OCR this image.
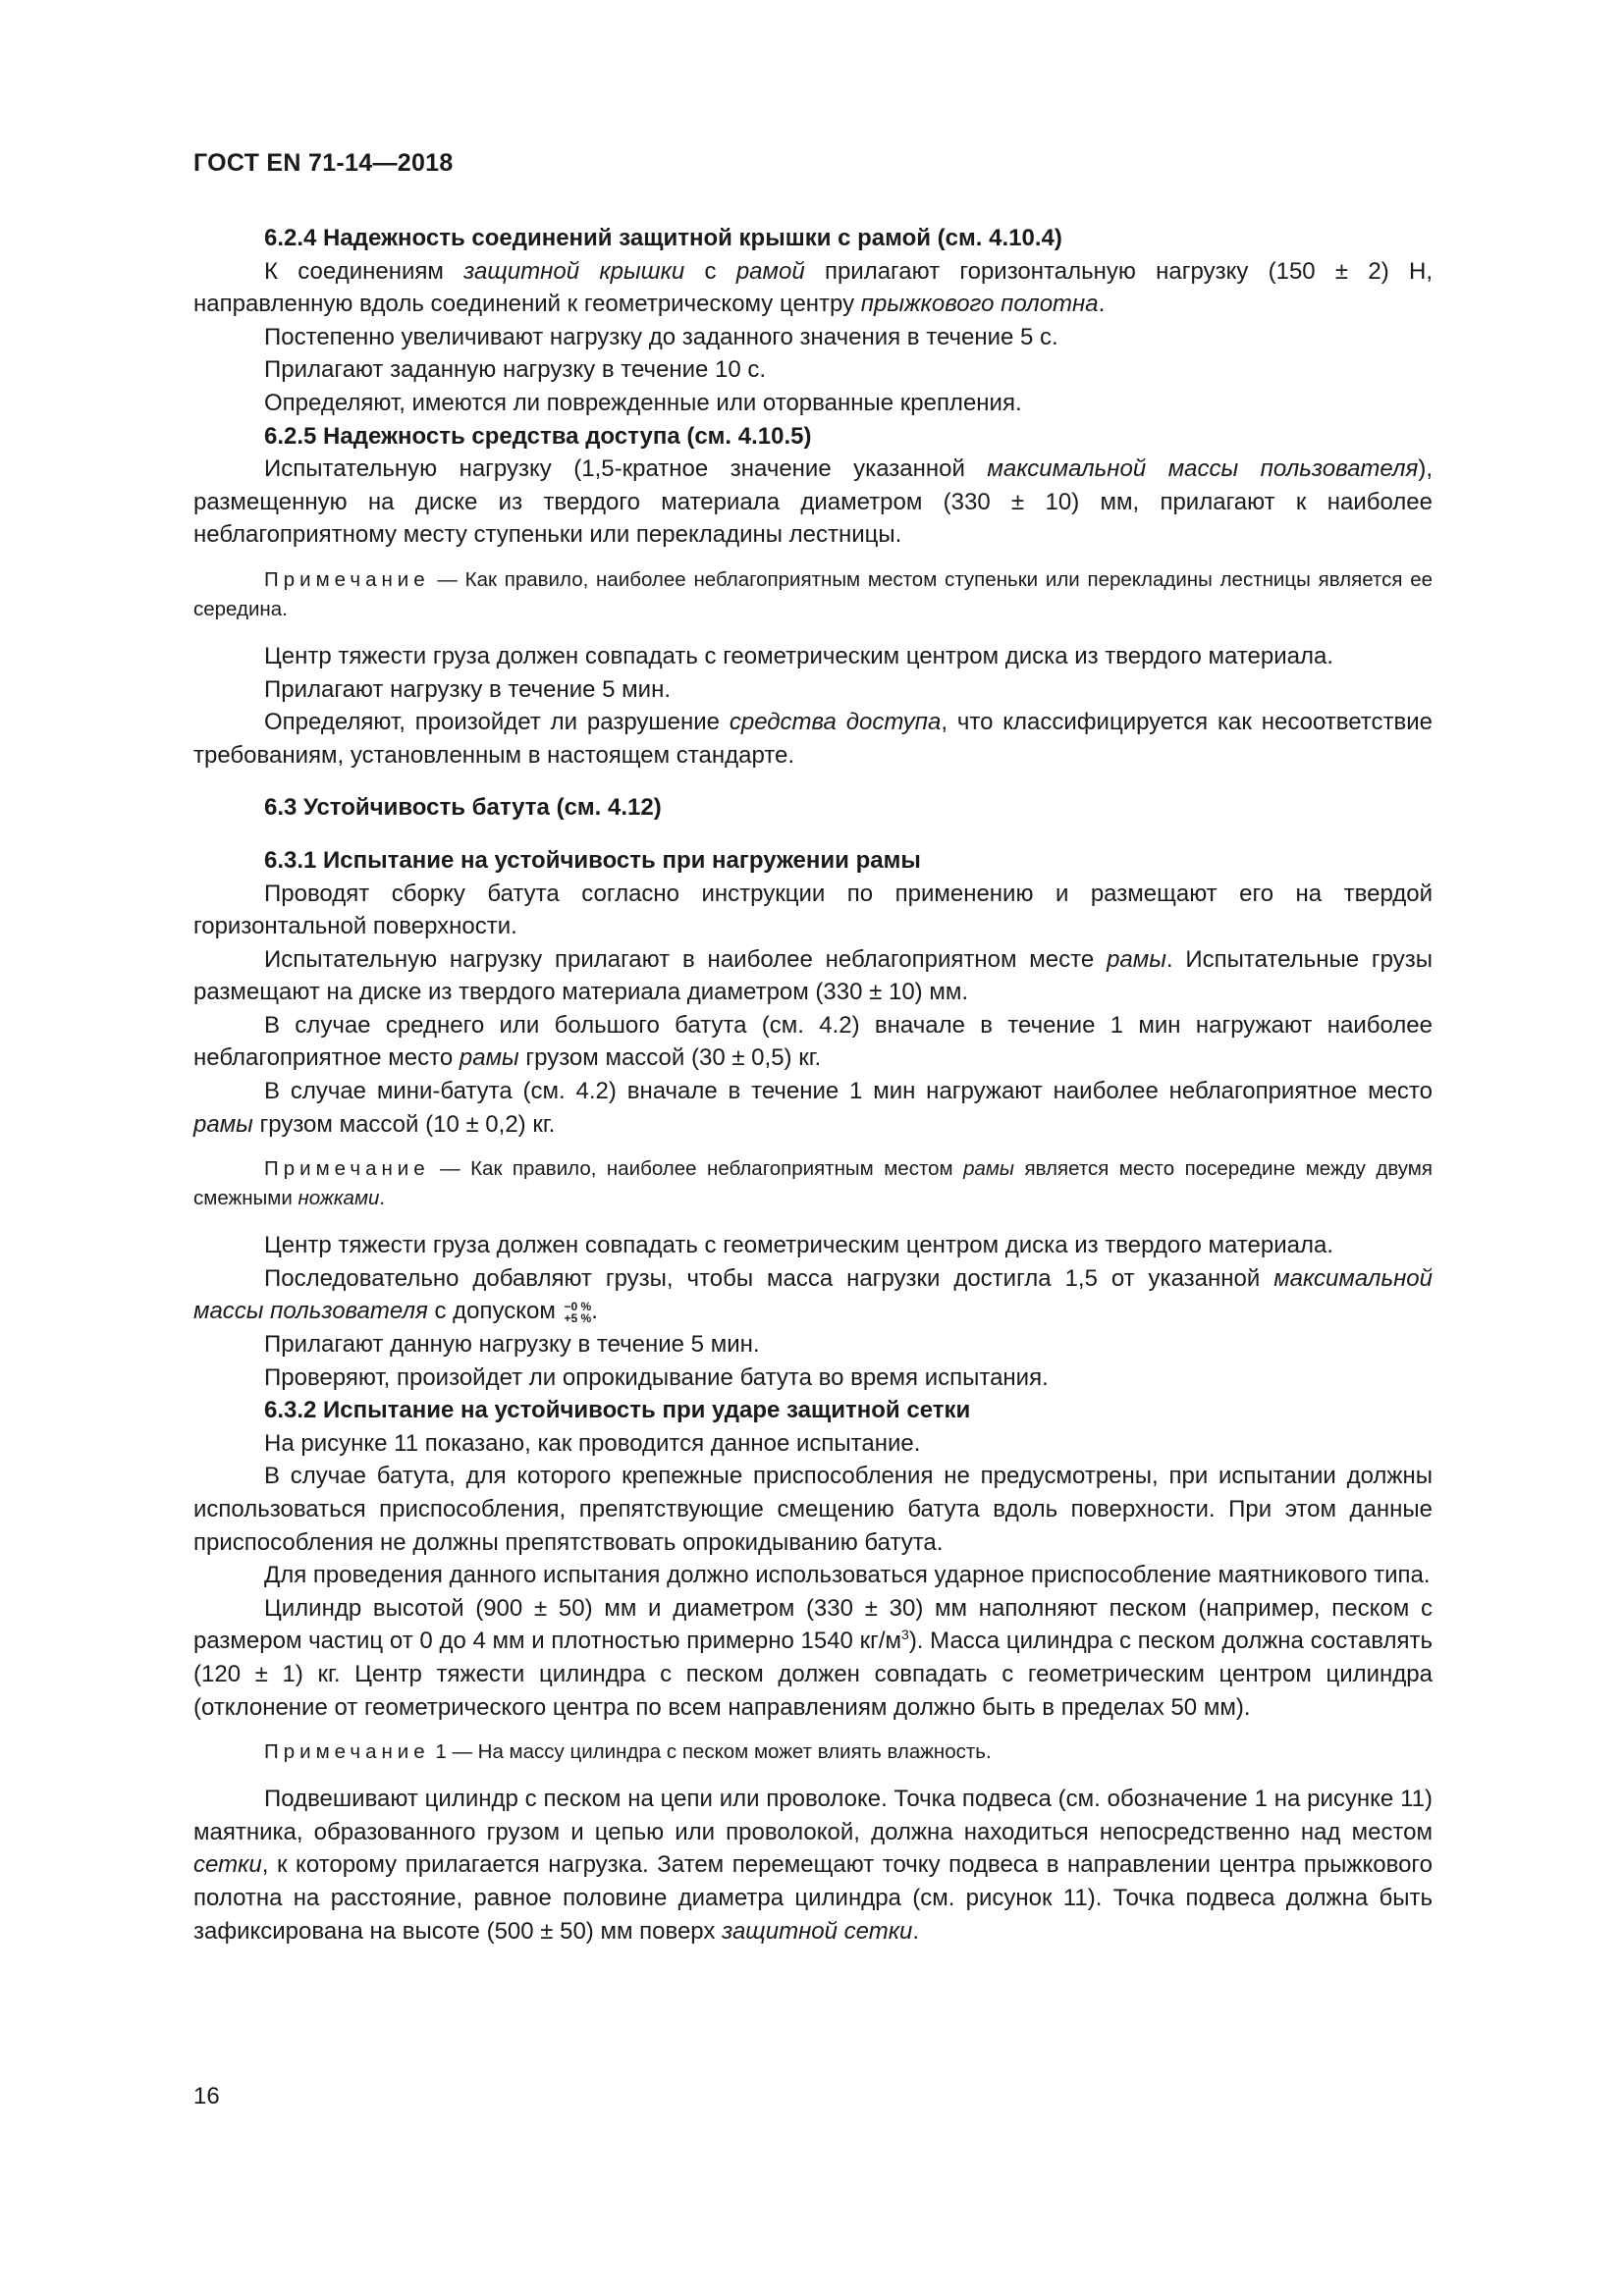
ГОСТ EN 71-14—2018

6.2.4 Надежность соединений защитной крышки с рамой (см. 4.10.4)

К соединениям защитной крышки с рамой прилагают горизонтальную нагрузку (150 ± 2) Н, направленную вдоль соединений к геометрическому центру прыжкового полотна.

Постепенно увеличивают нагрузку до заданного значения в течение 5 с.

Прилагают заданную нагрузку в течение 10 с.

Определяют, имеются ли поврежденные или оторванные крепления.

6.2.5 Надежность средства доступа (см. 4.10.5)

Испытательную нагрузку (1,5-кратное значение указанной максимальной массы пользователя), размещенную на диске из твердого материала диаметром (330 ± 10) мм, прилагают к наиболее неблагоприятному месту ступеньки или перекладины лестницы.

Примечание — Как правило, наиболее неблагоприятным местом ступеньки или перекладины лестницы является ее середина.

Центр тяжести груза должен совпадать с геометрическим центром диска из твердого материала.

Прилагают нагрузку в течение 5 мин.

Определяют, произойдет ли разрушение средства доступа, что классифицируется как несоответствие требованиям, установленным в настоящем стандарте.

6.3 Устойчивость батута (см. 4.12)

6.3.1 Испытание на устойчивость при нагружении рамы

Проводят сборку батута согласно инструкции по применению и размещают его на твердой горизонтальной поверхности.

Испытательную нагрузку прилагают в наиболее неблагоприятном месте рамы. Испытательные грузы размещают на диске из твердого материала диаметром (330 ± 10) мм.

В случае среднего или большого батута (см. 4.2) вначале в течение 1 мин нагружают наиболее неблагоприятное место рамы грузом массой (30 ± 0,5) кг.

В случае мини-батута (см. 4.2) вначале в течение 1 мин нагружают наиболее неблагоприятное место рамы грузом массой (10 ± 0,2) кг.

Примечание — Как правило, наиболее неблагоприятным местом рамы является место посередине между двумя смежными ножками.

Центр тяжести груза должен совпадать с геометрическим центром диска из твердого материала.

Последовательно добавляют грузы, чтобы масса нагрузки достигла 1,5 от указанной максимальной массы пользователя с допуском −0 %
+5 % .

Прилагают данную нагрузку в течение 5 мин.

Проверяют, произойдет ли опрокидывание батута во время испытания.

6.3.2 Испытание на устойчивость при ударе защитной сетки

На рисунке 11 показано, как проводится данное испытание.

В случае батута, для которого крепежные приспособления не предусмотрены, при испытании должны использоваться приспособления, препятствующие смещению батута вдоль поверхности. При этом данные приспособления не должны препятствовать опрокидыванию батута.

Для проведения данного испытания должно использоваться ударное приспособление маятникового типа.

Цилиндр высотой (900 ± 50) мм и диаметром (330 ± 30) мм наполняют песком (например, песком с размером частиц от 0 до 4 мм и плотностью примерно 1540 $кг/м^3$). Масса цилиндра с песком должна составлять (120 ± 1) кг. Центр тяжести цилиндра с песком должен совпадать с геометрическим центром цилиндра (отклонение от геометрического центра по всем направлениям должно быть в пределах 50 мм).

Примечание 1 — На массу цилиндра с песком может влиять влажность.

Подвешивают цилиндр с песком на цепи или проволоке. Точка подвеса (см. обозначение 1 на рисунке 11) маятника, образованного грузом и цепью или проволокой, должна находиться непосредственно над местом сетки, к которому прилагается нагрузка. Затем перемещают точку подвеса в направлении центра прыжкового полотна на расстояние, равное половине диаметра цилиндра (см. рисунок 11). Точка подвеса должна быть зафиксирована на высоте (500 ± 50) мм поверх защитной сетки.

16
